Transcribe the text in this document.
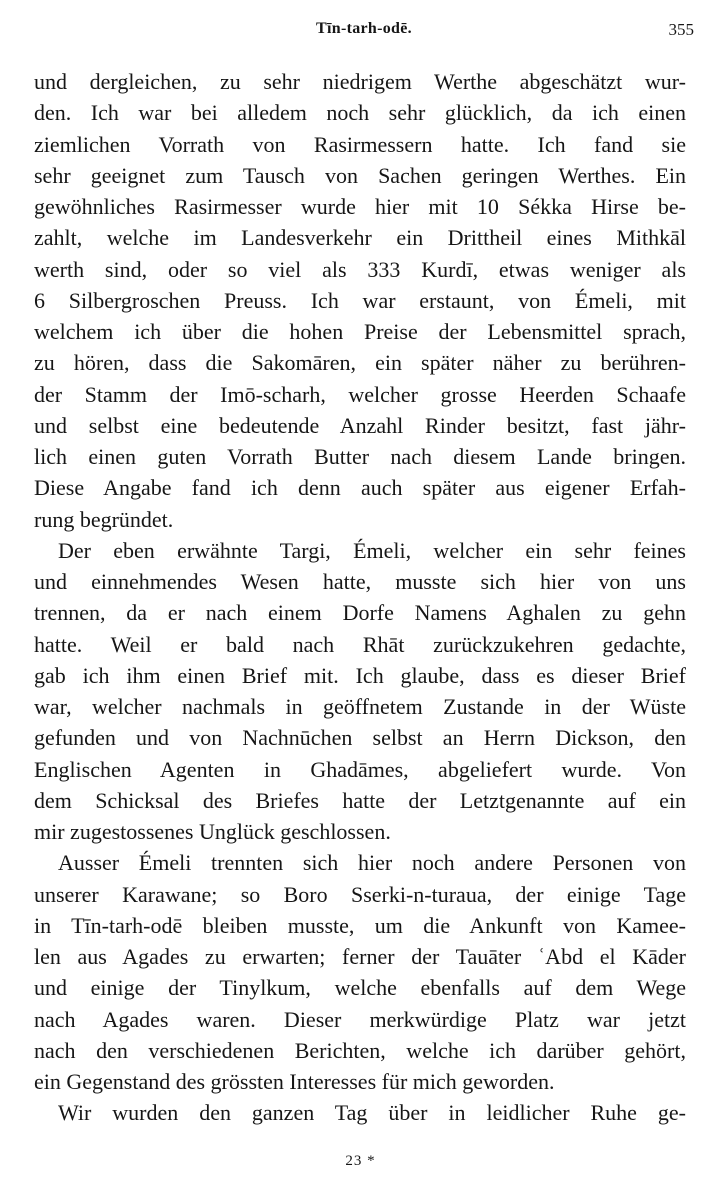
Tīn-tarh-odē.	355
und dergleichen, zu sehr niedrigem Werthe abgeschätzt wur-
den. Ich war bei alledem noch sehr glücklich, da ich einen
ziemlichen Vorrath von Rasirmessern hatte. Ich fand sie
sehr geeignet zum Tausch von Sachen geringen Werthes. Ein
gewöhnliches Rasirmesser wurde hier mit 10 Sékka Hirse be-
zahlt, welche im Landesverkehr ein Drittheil eines Mithkāl
werth sind, oder so viel als 333 Kurdī, etwas weniger als
6 Silbergroschen Preuss. Ich war erstaunt, von Émeli, mit
welchem ich über die hohen Preise der Lebensmittel sprach,
zu hören, dass die Sakomāren, ein später näher zu berühren-
der Stamm der Imō-scharh, welcher grosse Heerden Schaafe
und selbst eine bedeutende Anzahl Rinder besitzt, fast jähr-
lich einen guten Vorrath Butter nach diesem Lande bringen.
Diese Angabe fand ich denn auch später aus eigener Erfah-
rung begründet.
Der eben erwähnte Targi, Émeli, welcher ein sehr feines
und einnehmendes Wesen hatte, musste sich hier von uns
trennen, da er nach einem Dorfe Namens Aghalen zu gehn
hatte. Weil er bald nach Rhāt zurückzukehren gedachte,
gab ich ihm einen Brief mit. Ich glaube, dass es dieser Brief
war, welcher nachmals in geöffnetem Zustande in der Wüste
gefunden und von Nachnūchen selbst an Herrn Dickson, den
Englischen Agenten in Ghadāmes, abgeliefert wurde. Von
dem Schicksal des Briefes hatte der Letztgenannte auf ein
mir zugestossenes Unglück geschlossen.
Ausser Émeli trennten sich hier noch andere Personen von
unserer Karawane; so Boro Sserki-n-turaua, der einige Tage
in Tīn-tarh-odē bleiben musste, um die Ankunft von Kamee-
len aus Agades zu erwarten; ferner der Tauāter ʿAbd el Kāder
und einige der Tinylkum, welche ebenfalls auf dem Wege
nach Agades waren. Dieser merkwürdige Platz war jetzt
nach den verschiedenen Berichten, welche ich darüber gehört,
ein Gegenstand des grössten Interesses für mich geworden.
Wir wurden den ganzen Tag über in leidlicher Ruhe ge-
23 *
